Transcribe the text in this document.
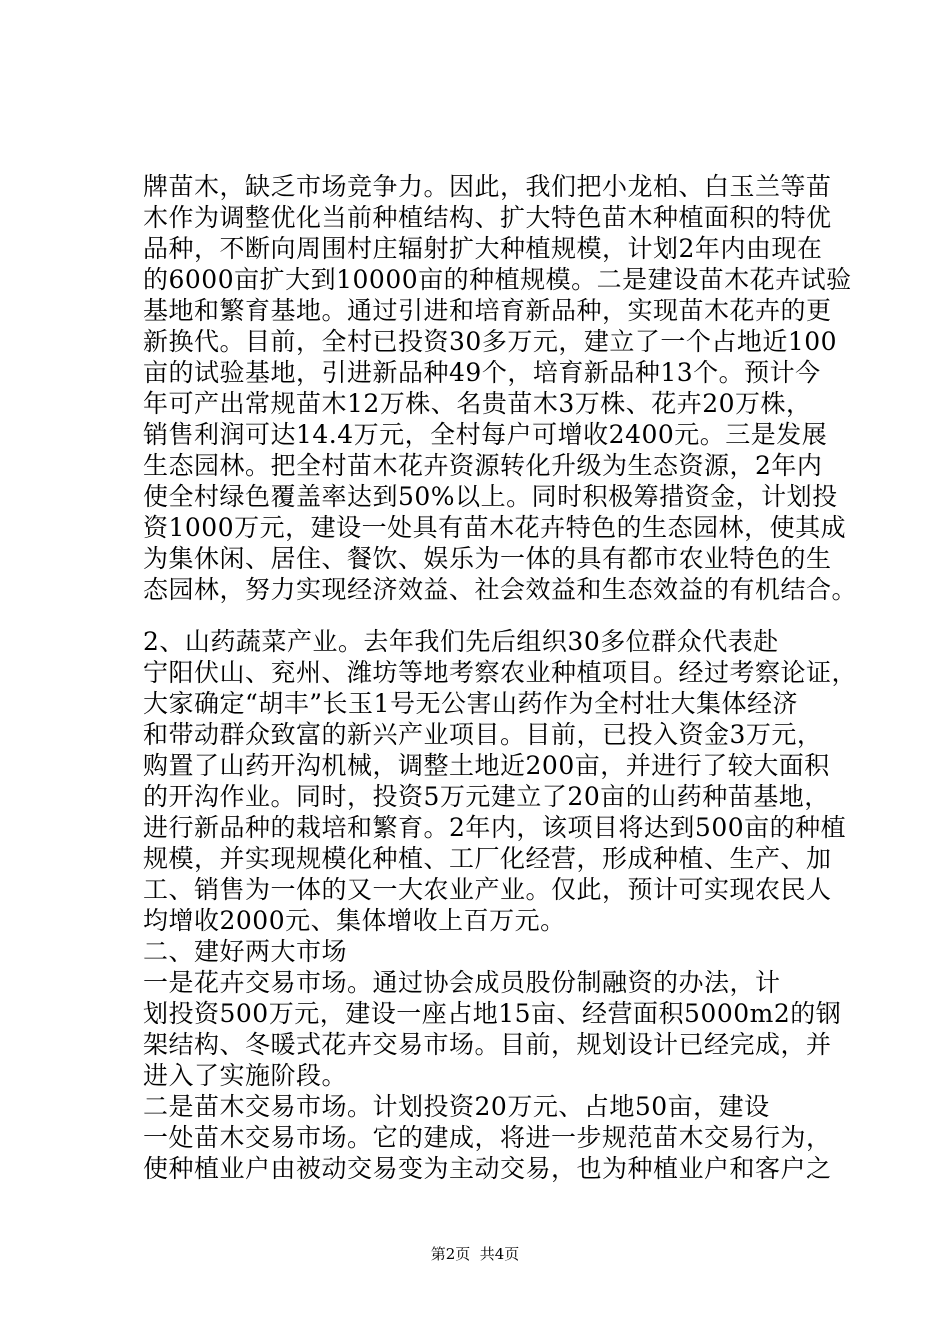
牌苗木，缺乏市场竞争力。因此，我们把小龙柏、白玉兰等苗
木作为调整优化当前种植结构、扩大特色苗木种植面积的特优
品种，不断向周围村庄辐射扩大种植规模，计划2年内由现在
的6000亩扩大到10000亩的种植规模。二是建设苗木花卉试验
基地和繁育基地。通过引进和培育新品种，实现苗木花卉的更
新换代。目前，全村已投资30多万元，建立了一个占地近100
亩的试验基地，引进新品种49个，培育新品种13个。预计今
年可产出常规苗木12万株、名贵苗木3万株、花卉20万株，
销售利润可达14.4万元，全村每户可增收2400元。三是发展
生态园林。把全村苗木花卉资源转化升级为生态资源，2年内
使全村绿色覆盖率达到50%以上。同时积极筹措资金，计划投
资1000万元，建设一处具有苗木花卉特色的生态园林，使其成
为集休闲、居住、餐饮、娱乐为一体的具有都市农业特色的生
态园林，努力实现经济效益、社会效益和生态效益的有机结合。
2、山药蔬菜产业。去年我们先后组织30多位群众代表赴
宁阳伏山、兖州、潍坊等地考察农业种植项目。经过考察论证，
大家确定“胡丰”长玉1号无公害山药作为全村壮大集体经济
和带动群众致富的新兴产业项目。目前，已投入资金3万元，
购置了山药开沟机械，调整土地近200亩，并进行了较大面积
的开沟作业。同时，投资5万元建立了20亩的山药种苗基地，
进行新品种的栽培和繁育。2年内，该项目将达到500亩的种植
规模，并实现规模化种植、工厂化经营，形成种植、生产、加
工、销售为一体的又一大农业产业。仅此，预计可实现农民人
均增收2000元、集体增收上百万元。
二、建好两大市场
一是花卉交易市场。通过协会成员股份制融资的办法，计
划投资500万元，建设一座占地15亩、经营面积5000m2的钢
架结构、冬暖式花卉交易市场。目前，规划设计已经完成，并
进入了实施阶段。
二是苗木交易市场。计划投资20万元、占地50亩，建设
一处苗木交易市场。它的建成，将进一步规范苗木交易行为，
使种植业户由被动交易变为主动交易，也为种植业户和客户之
第2页  共4页
